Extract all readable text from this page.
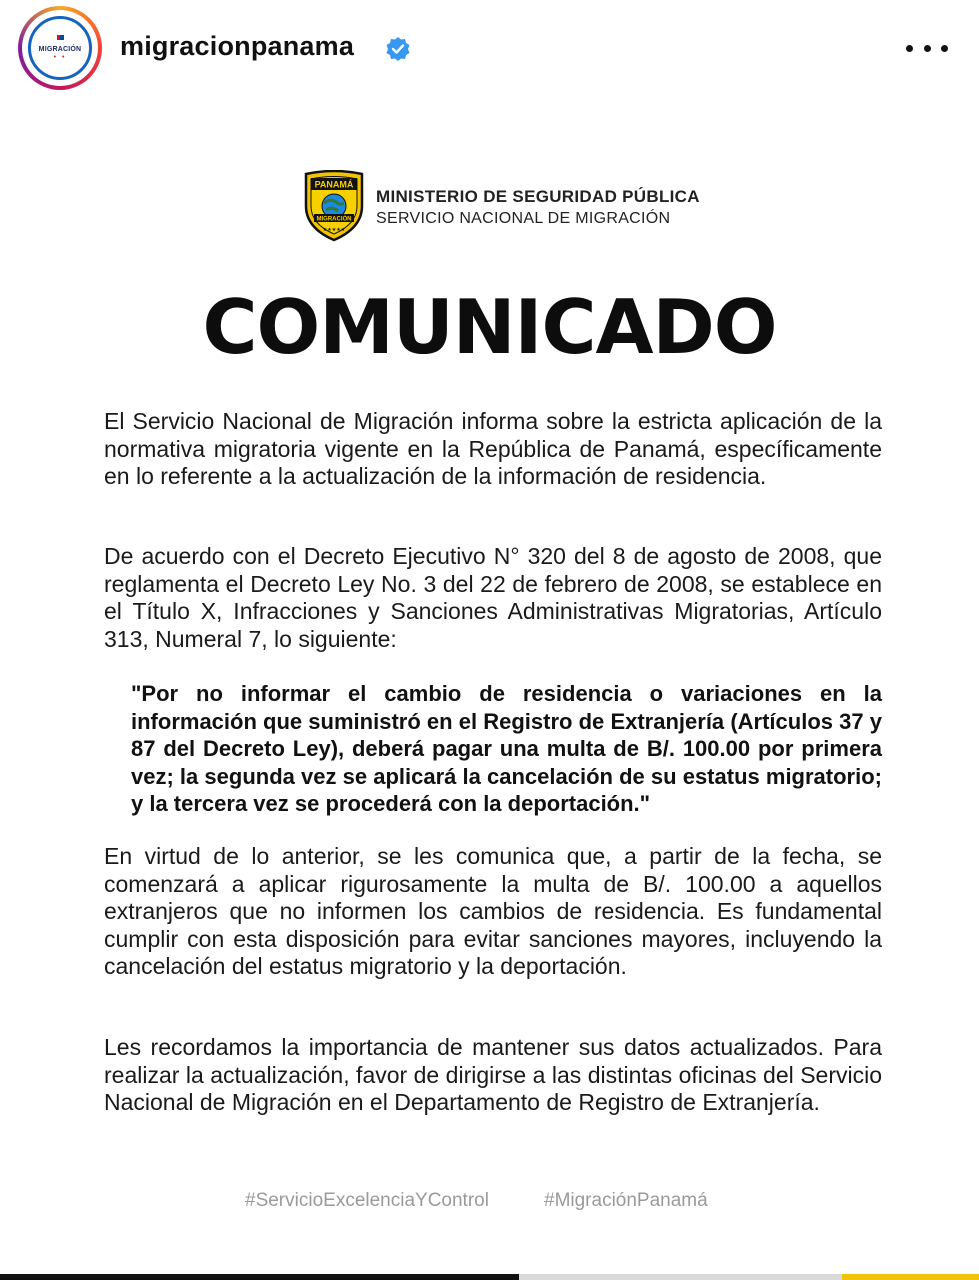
MIGRACIÓN
• • migracionpanama
PANAMÁ
MIGRACIÓN
★★★★★
MINISTERIO DE SEGURIDAD PÚBLICA
SERVICIO NACIONAL DE MIGRACIÓN
COMUNICADO

El Servicio Nacional de Migración informa sobre la estricta aplicación de la normativa migratoria vigente en la República de Panamá, específicamente en lo referente a la actualización de la información de residencia.

De acuerdo con el Decreto Ejecutivo N° 320 del 8 de agosto de 2008, que reglamenta el Decreto Ley No. 3 del 22 de febrero de 2008, se establece en el Título X, Infracciones y Sanciones Administrativas Migratorias, Artículo 313, Numeral 7, lo siguiente:

"Por no informar el cambio de residencia o variaciones en la información que suministró en el Registro de Extranjería (Artículos 37 y 87 del Decreto Ley), deberá pagar una multa de B/. 100.00 por primera vez; la segunda vez se aplicará la cancelación de su estatus migratorio; y la tercera vez se procederá con la deportación."

En virtud de lo anterior, se les comunica que, a partir de la fecha, se comenzará a aplicar rigurosamente la multa de B/. 100.00 a aquellos extranjeros que no informen los cambios de residencia. Es fundamental cumplir con esta disposición para evitar sanciones mayores, incluyendo la cancelación del estatus migratorio y la deportación.

Les recordamos la importancia de mantener sus datos actualizados. Para realizar la actualización, favor de dirigirse a las distintas oficinas del Servicio Nacional de Migración en el Departamento de Registro de Extranjería.

#ServicioExcelenciaYControl	#MigraciónPanamá
